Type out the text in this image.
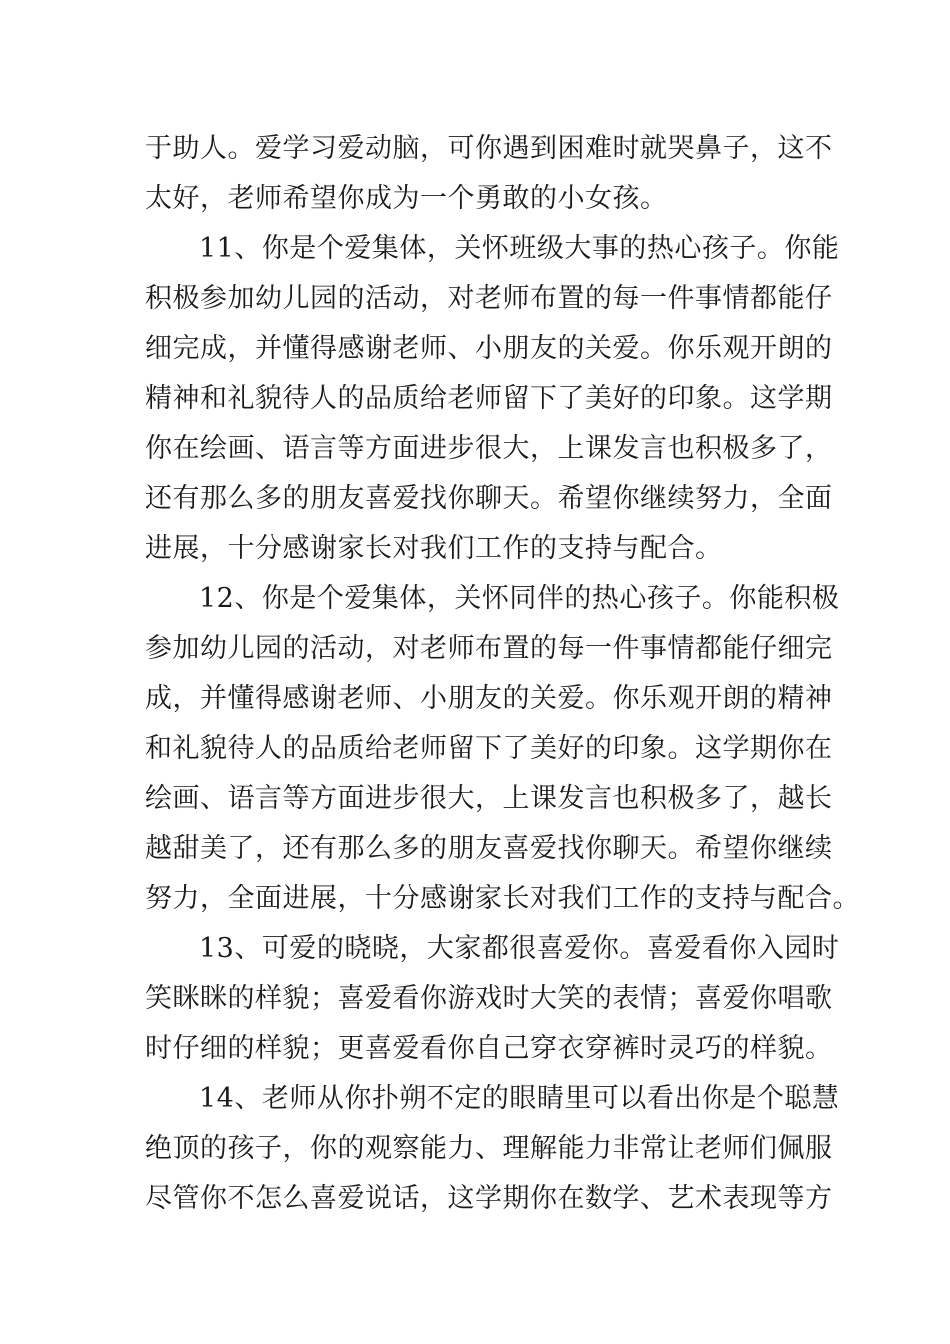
于助人。爱学习爱动脑，可你遇到困难时就哭鼻子，这不
太好，老师希望你成为一个勇敢的小女孩。
11、你是个爱集体，关怀班级大事的热心孩子。你能
积极参加幼儿园的活动，对老师布置的每一件事情都能仔
细完成，并懂得感谢老师、小朋友的关爱。你乐观开朗的
精神和礼貌待人的品质给老师留下了美好的印象。这学期
你在绘画、语言等方面进步很大，上课发言也积极多了，
还有那么多的朋友喜爱找你聊天。希望你继续努力，全面
进展，十分感谢家长对我们工作的支持与配合。
12、你是个爱集体，关怀同伴的热心孩子。你能积极
参加幼儿园的活动，对老师布置的每一件事情都能仔细完
成，并懂得感谢老师、小朋友的关爱。你乐观开朗的精神
和礼貌待人的品质给老师留下了美好的印象。这学期你在
绘画、语言等方面进步很大，上课发言也积极多了，越长
越甜美了，还有那么多的朋友喜爱找你聊天。希望你继续
努力，全面进展，十分感谢家长对我们工作的支持与配合。
13、可爱的晓晓，大家都很喜爱你。喜爱看你入园时
笑眯眯的样貌；喜爱看你游戏时大笑的表情；喜爱你唱歌
时仔细的样貌；更喜爱看你自己穿衣穿裤时灵巧的样貌。
14、老师从你扑朔不定的眼睛里可以看出你是个聪慧
绝顶的孩子，你的观察能力、理解能力非常让老师们佩服
尽管你不怎么喜爱说话，这学期你在数学、艺术表现等方
